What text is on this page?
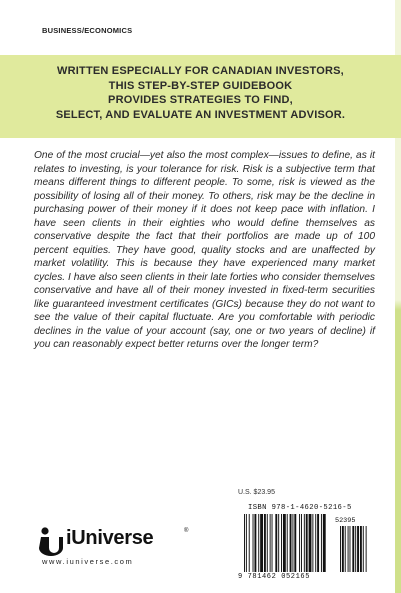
BUSINESS/ECONOMICS
WRITTEN ESPECIALLY FOR CANADIAN INVESTORS,
THIS STEP-BY-STEP GUIDEBOOK
PROVIDES STRATEGIES TO FIND,
SELECT, AND EVALUATE AN INVESTMENT ADVISOR.
One of the most crucial—yet also the most complex—issues to define, as it relates to investing, is your tolerance for risk. Risk is a subjective term that means different things to different people. To some, risk is viewed as the possibility of losing all of their money. To others, risk may be the decline in purchasing power of their money if it does not keep pace with inflation. I have seen clients in their eighties who would define themselves as conservative despite the fact that their portfolios are made up of 100 percent equities. They have good, quality stocks and are unaffected by market volatility. This is because they have experienced many market cycles. I have also seen clients in their late forties who consider themselves conservative and have all of their money invested in fixed-term securities like guaranteed investment certificates (GICs) because they do not want to see the value of their capital fluctuate. Are you comfortable with periodic declines in the value of your account (say, one or two years of decline) if you can reasonably expect better returns over the longer term?
U.S. $23.95
ISBN 978-1-4620-5216-5
52395
9 781462 052165
iUniverse	®
www.iuniverse.com
